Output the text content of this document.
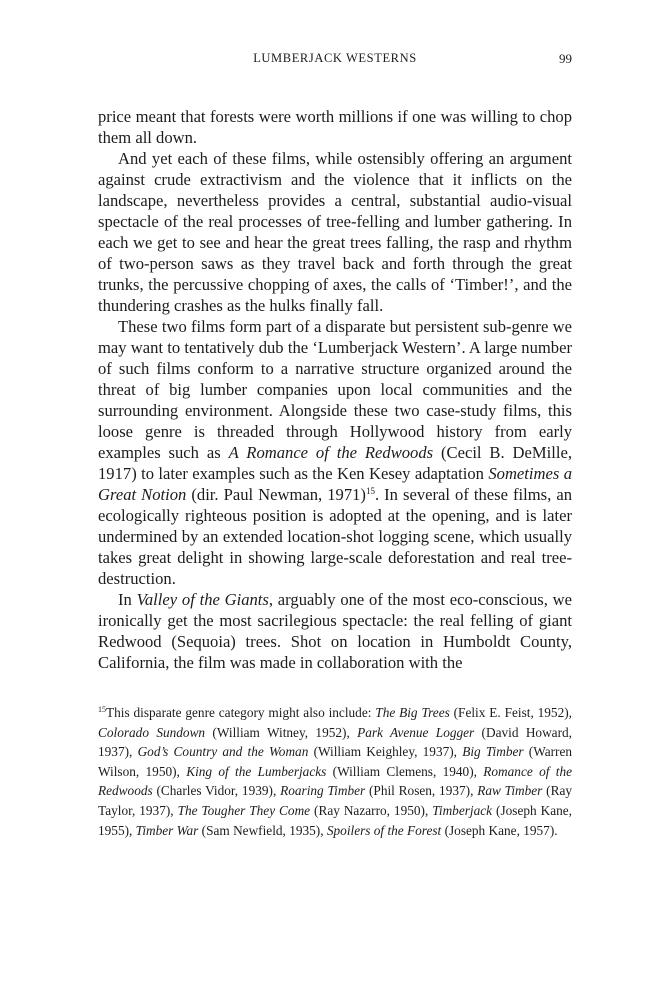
LUMBERJACK WESTERNS	99

price meant that forests were worth millions if one was willing to chop them all down.

And yet each of these films, while ostensibly offering an argument against crude extractivism and the violence that it inflicts on the landscape, nevertheless provides a central, substantial audio-visual spectacle of the real processes of tree-felling and lumber gathering. In each we get to see and hear the great trees falling, the rasp and rhythm of two-person saws as they travel back and forth through the great trunks, the percussive chopping of axes, the calls of ‘Timber!’, and the thundering crashes as the hulks finally fall.

These two films form part of a disparate but persistent sub-genre we may want to tentatively dub the ‘Lumberjack Western’. A large number of such films conform to a narrative structure organized around the threat of big lumber companies upon local communities and the surrounding environment. Alongside these two case-study films, this loose genre is threaded through Hollywood history from early examples such as A Romance of the Redwoods (Cecil B. DeMille, 1917) to later examples such as the Ken Kesey adaptation Sometimes a Great Notion (dir. Paul Newman, 1971)$^{15}$. In several of these films, an ecologically righteous position is adopted at the opening, and is later undermined by an extended location-shot logging scene, which usually takes great delight in showing large-scale deforestation and real tree-destruction.

In Valley of the Giants, arguably one of the most eco-conscious, we ironically get the most sacrilegious spectacle: the real felling of giant Redwood (Sequoia) trees. Shot on location in Humboldt County, California, the film was made in collaboration with the

$^{15}$This disparate genre category might also include: The Big Trees (Felix E. Feist, 1952), Colorado Sundown (William Witney, 1952), Park Avenue Logger (David Howard, 1937), God’s Country and the Woman (William Keighley, 1937), Big Timber (Warren Wilson, 1950), King of the Lumberjacks (William Clemens, 1940), Romance of the Redwoods (Charles Vidor, 1939), Roaring Timber (Phil Rosen, 1937), Raw Timber (Ray Taylor, 1937), The Tougher They Come (Ray Nazarro, 1950), Timberjack (Joseph Kane, 1955), Timber War (Sam Newfield, 1935), Spoilers of the Forest (Joseph Kane, 1957).
